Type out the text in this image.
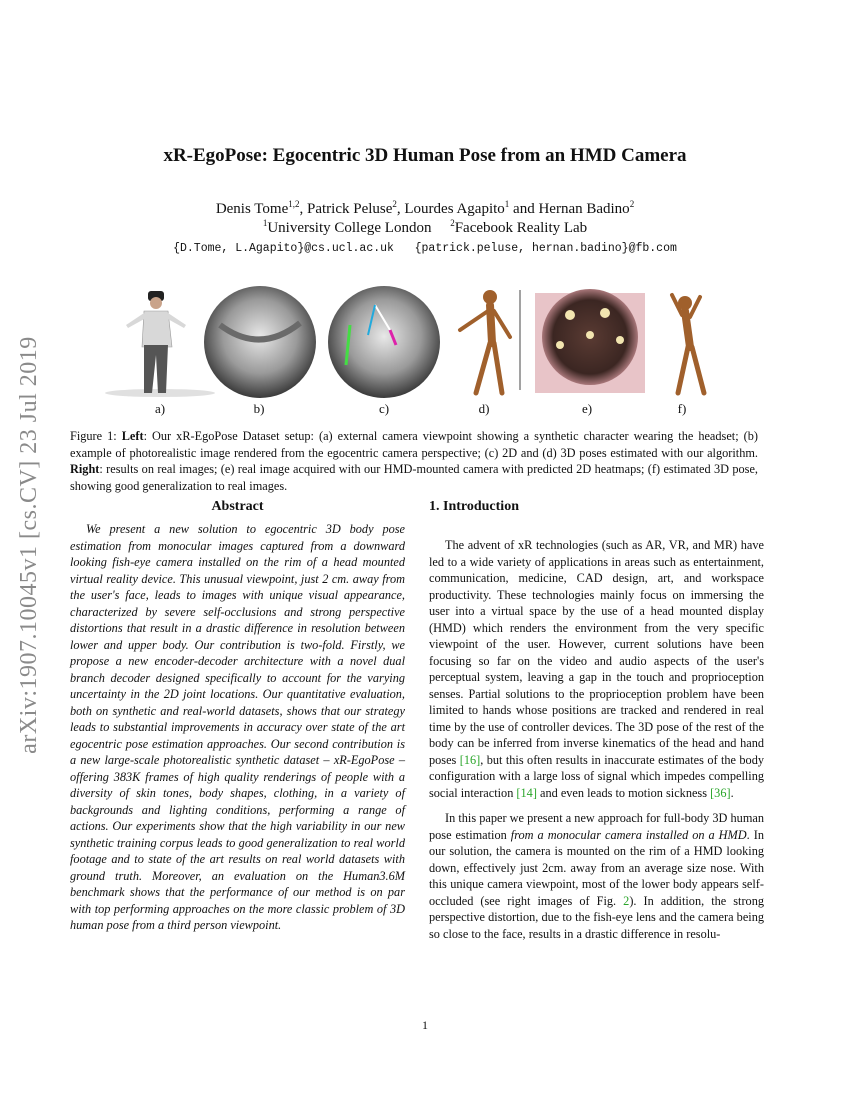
arXiv:1907.10045v1 [cs.CV] 23 Jul 2019
xR-EgoPose: Egocentric 3D Human Pose from an HMD Camera
Denis Tome$^{1,2}$, Patrick Peluse$^2$, Lourdes Agapito$^1$ and Hernan Badino$^2$
$^1$University College London $^2$Facebook Reality Lab
{D.Tome, L.Agapito}@cs.ucl.ac.uk   {patrick.peluse, hernan.badino}@fb.com
a)	b)	c)	d)	e)	f)
Figure 1: Left: Our xR-EgoPose Dataset setup: (a) external camera viewpoint showing a synthetic character wearing the headset; (b) example of photorealistic image rendered from the egocentric camera perspective; (c) 2D and (d) 3D poses estimated with our algorithm. Right: results on real images; (e) real image acquired with our HMD-mounted camera with predicted 2D heatmaps; (f) estimated 3D pose, showing good generalization to real images.
Abstract
We present a new solution to egocentric 3D body pose estimation from monocular images captured from a downward looking fish-eye camera installed on the rim of a head mounted virtual reality device. This unusual viewpoint, just 2 cm. away from the user's face, leads to images with unique visual appearance, characterized by severe self-occlusions and strong perspective distortions that result in a drastic difference in resolution between lower and upper body. Our contribution is two-fold. Firstly, we propose a new encoder-decoder architecture with a novel dual branch decoder designed specifically to account for the varying uncertainty in the 2D joint locations. Our quantitative evaluation, both on synthetic and real-world datasets, shows that our strategy leads to substantial improvements in accuracy over state of the art egocentric pose estimation approaches. Our second contribution is a new large-scale photorealistic synthetic dataset – xR-EgoPose – offering 383K frames of high quality renderings of people with a diversity of skin tones, body shapes, clothing, in a variety of backgrounds and lighting conditions, performing a range of actions. Our experiments show that the high variability in our new synthetic training corpus leads to good generalization to real world footage and to state of the art results on real world datasets with ground truth. Moreover, an evaluation on the Human3.6M benchmark shows that the performance of our method is on par with top performing approaches on the more classic problem of 3D human pose from a third person viewpoint.
1. Introduction
The advent of xR technologies (such as AR, VR, and MR) have led to a wide variety of applications in areas such as entertainment, communication, medicine, CAD design, art, and workspace productivity. These technologies mainly focus on immersing the user into a virtual space by the use of a head mounted display (HMD) which renders the environment from the very specific viewpoint of the user. However, current solutions have been focusing so far on the video and audio aspects of the user's perceptual system, leaving a gap in the touch and proprioception senses. Partial solutions to the proprioception problem have been limited to hands whose positions are tracked and rendered in real time by the use of controller devices. The 3D pose of the rest of the body can be inferred from inverse kinematics of the head and hand poses [16], but this often results in inaccurate estimates of the body configuration with a large loss of signal which impedes compelling social interaction [14] and even leads to motion sickness [36].
In this paper we present a new approach for full-body 3D human pose estimation from a monocular camera installed on a HMD. In our solution, the camera is mounted on the rim of a HMD looking down, effectively just 2cm. away from an average size nose. With this unique camera viewpoint, most of the lower body appears self-occluded (see right images of Fig. 2). In addition, the strong perspective distortion, due to the fish-eye lens and the camera being so close to the face, results in a drastic difference in resolu-
1
